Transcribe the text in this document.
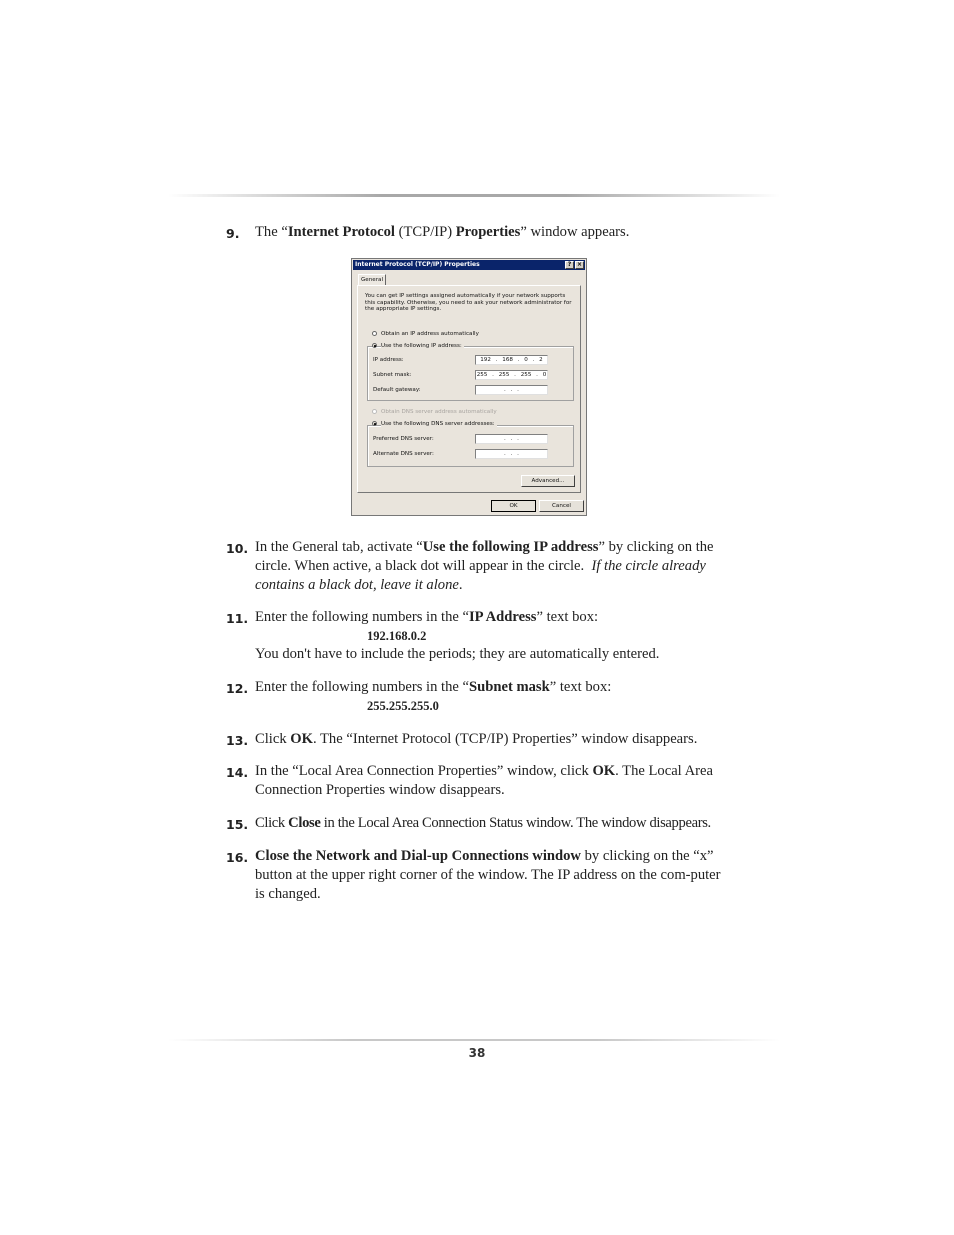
9.	The “Internet Protocol (TCP/IP) Properties” window appears.
Internet Protocol (TCP/IP) Properties	? ×
General
You can get IP settings assigned automatically if your network supports this capability. Otherwise, you need to ask your network administrator for the appropriate IP settings.
Obtain an IP address automatically
Use the following IP address:
IP address:	192 . 168 . 0 . 2
Subnet mask:	255 . 255 . 255 . 0
Default gateway:	. . .
Obtain DNS server address automatically
Use the following DNS server addresses:
Preferred DNS server:	. . .
Alternate DNS server:	. . .
Advanced...
OK	Cancel
10. In the General tab, activate “Use the following IP address” by clicking on the circle. When active, a black dot will appear in the circle.  If the circle already contains a black dot, leave it alone.
11. Enter the following numbers in the “IP Address” text box:
192.168.0.2
You don't have to include the periods; they are automatically entered.
12. Enter the following numbers in the “Subnet mask” text box:
255.255.255.0
13. Click OK. The “Internet Protocol (TCP/IP) Properties” window disappears.
14. In the “Local Area Connection Properties” window, click OK. The Local Area Connection Properties window disappears.
15. Click Close in the Local Area Connection Status window. The window disappears.
16. Close the Network and Dial-up Connections window by clicking on the “x” button at the upper right corner of the window. The IP address on the com-puter is changed.
38
